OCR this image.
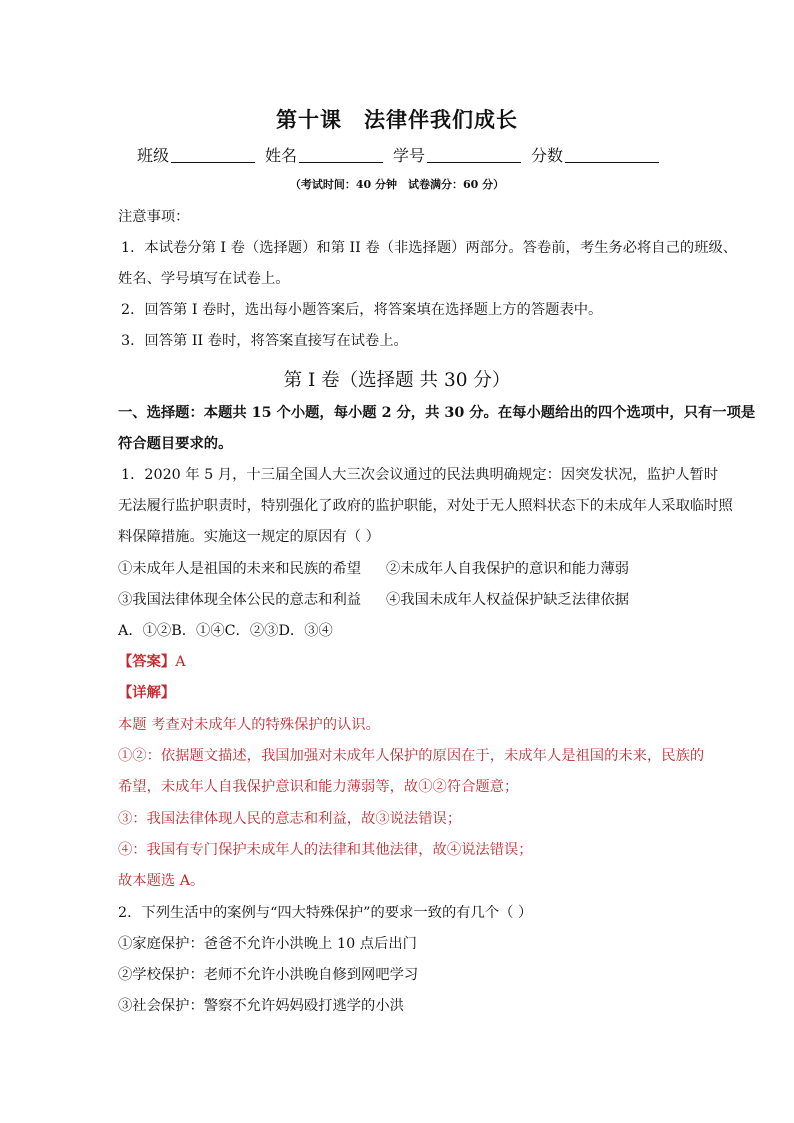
第十课　法律伴我们成长
班级	姓名	学号	分数
（考试时间：40 分钟　试卷满分：60 分）
注意事项：
1．本试卷分第 I 卷（选择题）和第 II 卷（非选择题）两部分。答卷前，考生务必将自己的班级、
姓名、学号填写在试卷上。
2．回答第 I 卷时，选出每小题答案后，将答案填在选择题上方的答题表中。
3．回答第 II 卷时，将答案直接写在试卷上。
第 I 卷（选择题 共 30 分）
一、选择题：本题共 15 个小题，每小题 2 分，共 30 分。在每小题给出的四个选项中，只有一项是
符合题目要求的。
1．2020 年 5 月，十三届全国人大三次会议通过的民法典明确规定：因突发状况，监护人暂时
无法履行监护职责时，特别强化了政府的监护职能，对处于无人照料状态下的未成年人采取临时照
料保障措施。实施这一规定的原因有（ ）
①未成年人是祖国的未来和民族的希望 ②未成年人自我保护的意识和能力薄弱
③我国法律体现全体公民的意志和利益 ④我国未成年人权益保护缺乏法律依据
A．①②B．①④C．②③D．③④
【答案】A
【详解】
本题 考查对未成年人的特殊保护的认识。
①②：依据题文描述，我国加强对未成年人保护的原因在于，未成年人是祖国的未来，民族的
希望，未成年人自我保护意识和能力薄弱等，故①②符合题意；
③：我国法律体现人民的意志和利益，故③说法错误；
④：我国有专门保护未成年人的法律和其他法律，故④说法错误；
故本题选 A。
2．下列生活中的案例与“四大特殊保护”的要求一致的有几个（ ）
①家庭保护：爸爸不允许小洪晚上 10 点后出门
②学校保护：老师不允许小洪晚自修到网吧学习
③社会保护：警察不允许妈妈殴打逃学的小洪
